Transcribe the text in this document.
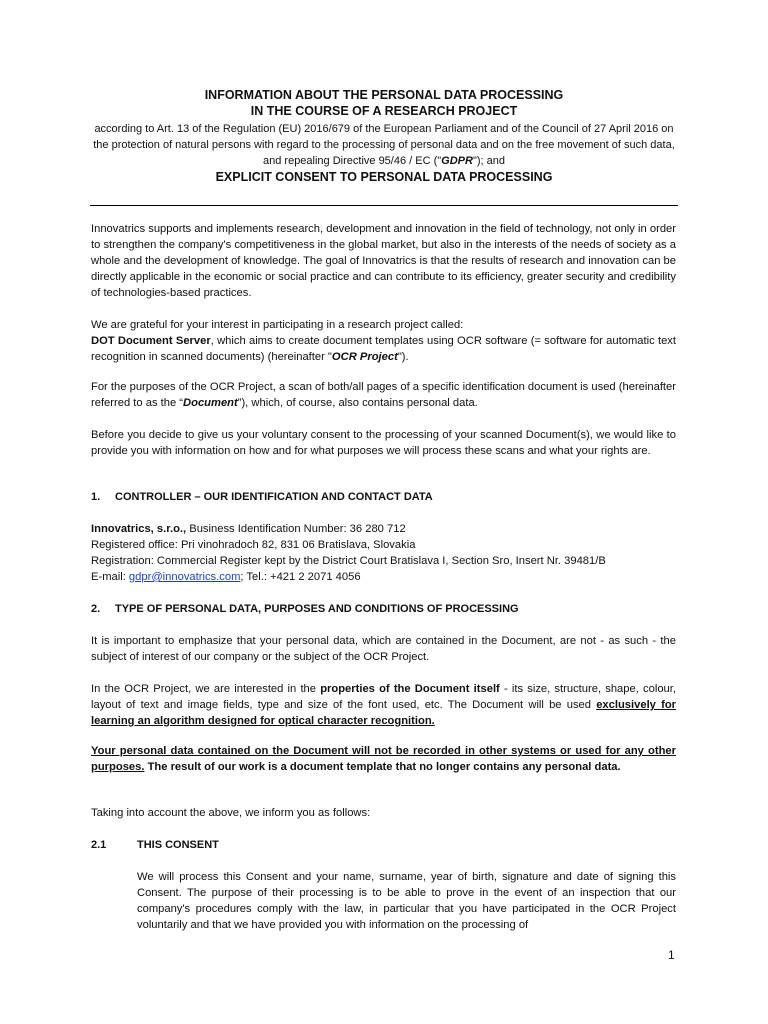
INFORMATION ABOUT THE PERSONAL DATA PROCESSING
IN THE COURSE OF A RESEARCH PROJECT
according to Art. 13 of the Regulation (EU) 2016/679 of the European Parliament and of the Council of 27 April 2016 on the protection of natural persons with regard to the processing of personal data and on the free movement of such data, and repealing Directive 95/46 / EC ("GDPR"); and
EXPLICIT CONSENT TO PERSONAL DATA PROCESSING
Innovatrics supports and implements research, development and innovation in the field of technology, not only in order to strengthen the company's competitiveness in the global market, but also in the interests of the needs of society as a whole and the development of knowledge. The goal of Innovatrics is that the results of research and innovation can be directly applicable in the economic or social practice and can contribute to its efficiency, greater security and credibility of technologies-based practices.
We are grateful for your interest in participating in a research project called:
DOT Document Server, which aims to create document templates using OCR software (= software for automatic text recognition in scanned documents) (hereinafter "OCR Project").
For the purposes of the OCR Project, a scan of both/all pages of a specific identification document is used (hereinafter referred to as the “Document”), which, of course, also contains personal data.
Before you decide to give us your voluntary consent to the processing of your scanned Document(s), we would like to provide you with information on how and for what purposes we will process these scans and what your rights are.
1. CONTROLLER – OUR IDENTIFICATION AND CONTACT DATA
Innovatrics, s.r.o., Business Identification Number: 36 280 712
Registered office: Pri vinohradoch 82, 831 06 Bratislava, Slovakia
Registration: Commercial Register kept by the District Court Bratislava I, Section Sro, Insert Nr. 39481/B
E-mail: gdpr@innovatrics.com; Tel.: +421 2 2071 4056
2. TYPE OF PERSONAL DATA, PURPOSES AND CONDITIONS OF PROCESSING
It is important to emphasize that your personal data, which are contained in the Document, are not - as such - the subject of interest of our company or the subject of the OCR Project.
In the OCR Project, we are interested in the properties of the Document itself - its size, structure, shape, colour, layout of text and image fields, type and size of the font used, etc. The Document will be used exclusively for learning an algorithm designed for optical character recognition.
Your personal data contained on the Document will not be recorded in other systems or used for any other purposes. The result of our work is a document template that no longer contains any personal data.
Taking into account the above, we inform you as follows:
2.1	THIS CONSENT
We will process this Consent and your name, surname, year of birth, signature and date of signing this Consent. The purpose of their processing is to be able to prove in the event of an inspection that our company's procedures comply with the law, in particular that you have participated in the OCR Project voluntarily and that we have provided you with information on the processing of
1
